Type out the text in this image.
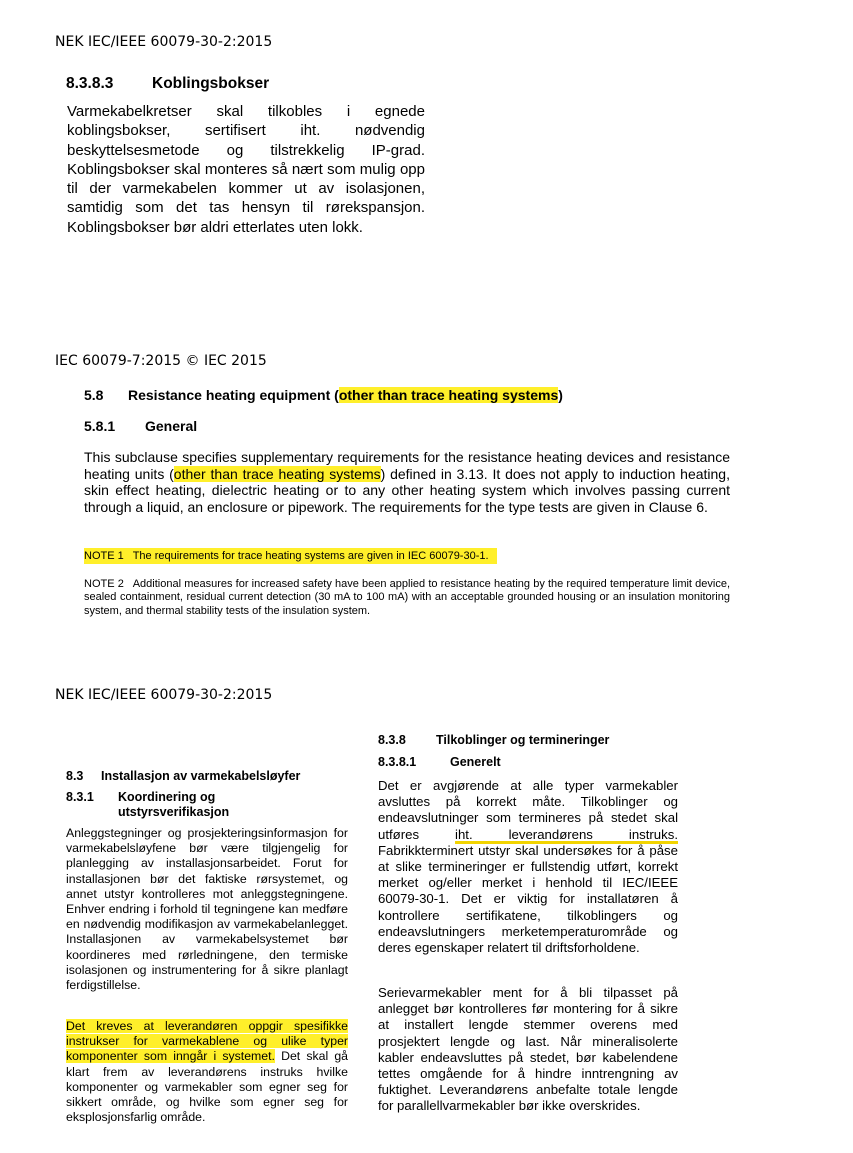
NEK IEC/IEEE 60079-30-2:2015
8.3.8.3 Koblingsbokser
Varmekabelkretser skal tilkobles i egnede koblingsbokser, sertifisert iht. nødvendig beskyttelsesmetode og tilstrekkelig IP-grad. Koblingsbokser skal monteres så nært som mulig opp til der varmekabelen kommer ut av isolasjonen, samtidig som det tas hensyn til rørekspansjon. Koblingsbokser bør aldri etterlates uten lokk.
IEC 60079-7:2015 © IEC 2015
5.8 Resistance heating equipment (other than trace heating systems)
5.8.1 General
This subclause specifies supplementary requirements for the resistance heating devices and resistance heating units (other than trace heating systems) defined in 3.13. It does not apply to induction heating, skin effect heating, dielectric heating or to any other heating system which involves passing current through a liquid, an enclosure or pipework. The requirements for the type tests are given in Clause 6.
NOTE 1   The requirements for trace heating systems are given in IEC 60079-30-1.
NOTE 2   Additional measures for increased safety have been applied to resistance heating by the required temperature limit device, sealed containment, residual current detection (30 mA to 100 mA) with an acceptable grounded housing or an insulation monitoring system, and thermal stability tests of the insulation system.
NEK IEC/IEEE 60079-30-2:2015
8.3 Installasjon av varmekabelsløyfer
8.3.1 Koordinering og
utstyrsverifikasjon
Anleggstegninger og prosjekteringsinformasjon for varmekabelsløyfene bør være tilgjengelig for planlegging av installasjonsarbeidet. Forut for installasjonen bør det faktiske rørsystemet, og annet utstyr kontrolleres mot anleggstegningene. Enhver endring i forhold til tegningene kan medføre en nødvendig modifikasjon av varmekabelanlegget. Installasjonen av varmekabelsystemet bør koordineres med rørledningene, den termiske isolasjonen og instrumentering for å sikre planlagt ferdigstillelse.
Det kreves at leverandøren oppgir spesifikke instrukser for varmekablene og ulike typer komponenter som inngår i systemet. Det skal gå klart frem av leverandørens instruks hvilke komponenter og varmekabler som egner seg for sikkert område, og hvilke som egner seg for eksplosjonsfarlig område.
8.3.8 Tilkoblinger og termineringer
8.3.8.1	Generelt
Det er avgjørende at alle typer varmekabler avsluttes på korrekt måte. Tilkoblinger og endeavslutninger som termineres på stedet skal utføres iht. leverandørens instruks. Fabrikkterminert utstyr skal undersøkes for å påse at slike termineringer er fullstendig utført, korrekt merket og/eller merket i henhold til IEC/IEEE 60079-30-1. Det er viktig for installatøren å kontrollere sertifikatene, tilkoblingers og endeavslutningers merketemperaturområde og deres egenskaper relatert til driftsforholdene.
Serievarmekabler ment for å bli tilpasset på anlegget bør kontrolleres før montering for å sikre at installert lengde stemmer overens med prosjektert lengde og last. Når mineralisolerte kabler endeavsluttes på stedet, bør kabelendene tettes omgående for å hindre inntrengning av fuktighet. Leverandørens anbefalte totale lengde for parallellvarmekabler bør ikke overskrides.
